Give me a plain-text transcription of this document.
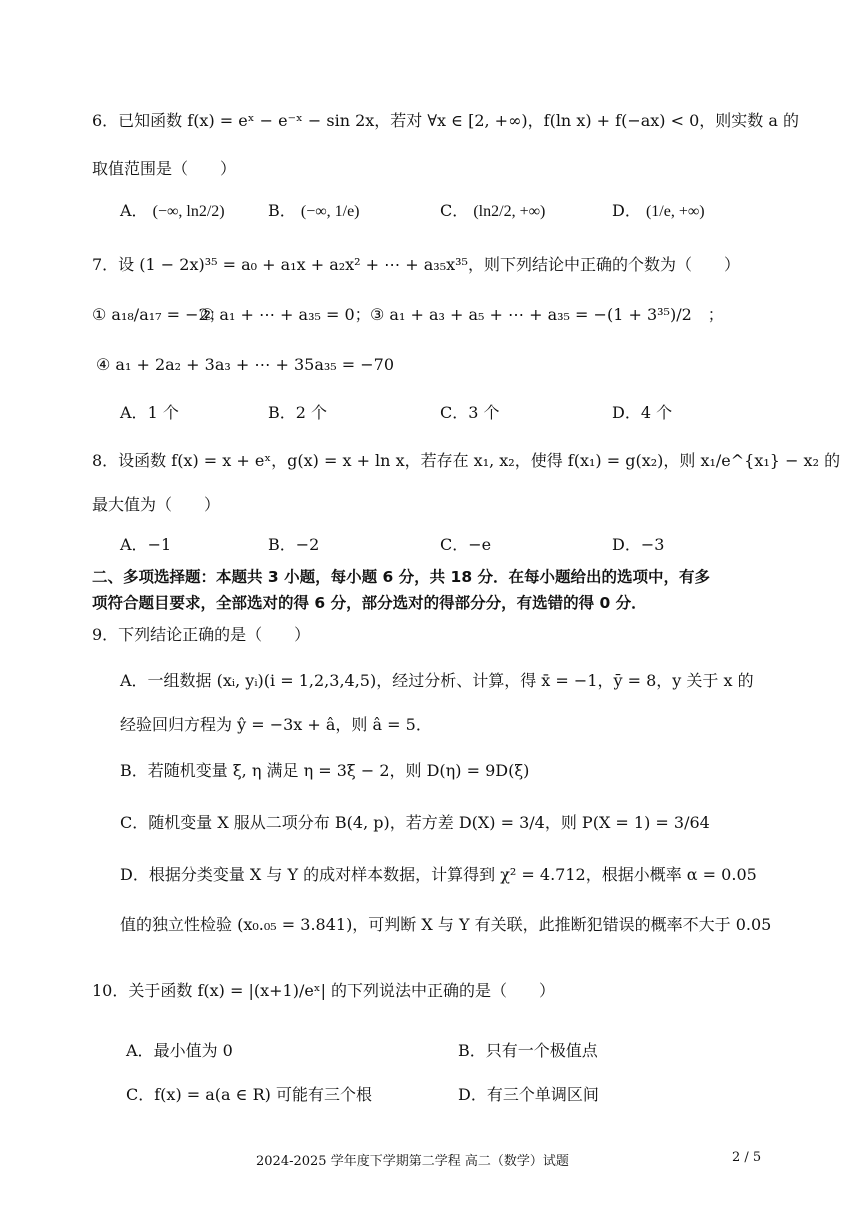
6．已知函数 f(x) = eˣ − e⁻ˣ − sin 2x，若对 ∀x ∈ [2, +∞)，f(ln x) + f(−ax) < 0，则实数 a 的
取值范围是（　　）
A． (−∞, ln2/2)	B． (−∞, 1/e)	C． (ln2/2, +∞)	D． (1/e, +∞)
7．设 (1 − 2x)³⁵ = a₀ + a₁x + a₂x² + ⋯ + a₃₅x³⁵，则下列结论中正确的个数为（　　）
① a₁₈/a₁₇ = −2；
② a₁ + ⋯ + a₃₅ = 0； ③ a₁ + a₃ + a₅ + ⋯ + a₃₅ = −(1 + 3³⁵)/2　；
④ a₁ + 2a₂ + 3a₃ + ⋯ + 35a₃₅ = −70
A．1 个	B．2 个	C．3 个	D．4 个
8．设函数 f(x) = x + eˣ，g(x) = x + ln x，若存在 x₁, x₂，使得 f(x₁) = g(x₂)，则 x₁/e^{x₁} − x₂ 的
最大值为（　　）
A．−1	B．−2	C．−e	D．−3
二、多项选择题：本题共 3 小题，每小题 6 分，共 18 分．在每小题给出的选项中，有多
项符合题目要求，全部选对的得 6 分，部分选对的得部分分，有选错的得 0 分．
9．下列结论正确的是（　　）
A．一组数据 (xᵢ, yᵢ)(i = 1,2,3,4,5)，经过分析、计算，得 x̄ = −1，ȳ = 8，y 关于 x 的
经验回归方程为 ŷ = −3x + â，则 â = 5．
B．若随机变量 ξ, η 满足 η = 3ξ − 2，则 D(η) = 9D(ξ)
C．随机变量 X 服从二项分布 B(4, p)，若方差 D(X) = 3/4，则 P(X = 1) = 3/64
D．根据分类变量 X 与 Y 的成对样本数据，计算得到 χ² = 4.712，根据小概率 α = 0.05
值的独立性检验 (x₀.₀₅ = 3.841)，可判断 X 与 Y 有关联，此推断犯错误的概率不大于 0.05
10．关于函数 f(x) = |(x+1)/eˣ| 的下列说法中正确的是（　　）
A．最小值为 0	B．只有一个极值点
C．f(x) = a(a ∈ R) 可能有三个根	D．有三个单调区间
2024-2025 学年度下学期第二学程 高二（数学）试题	2 / 5
